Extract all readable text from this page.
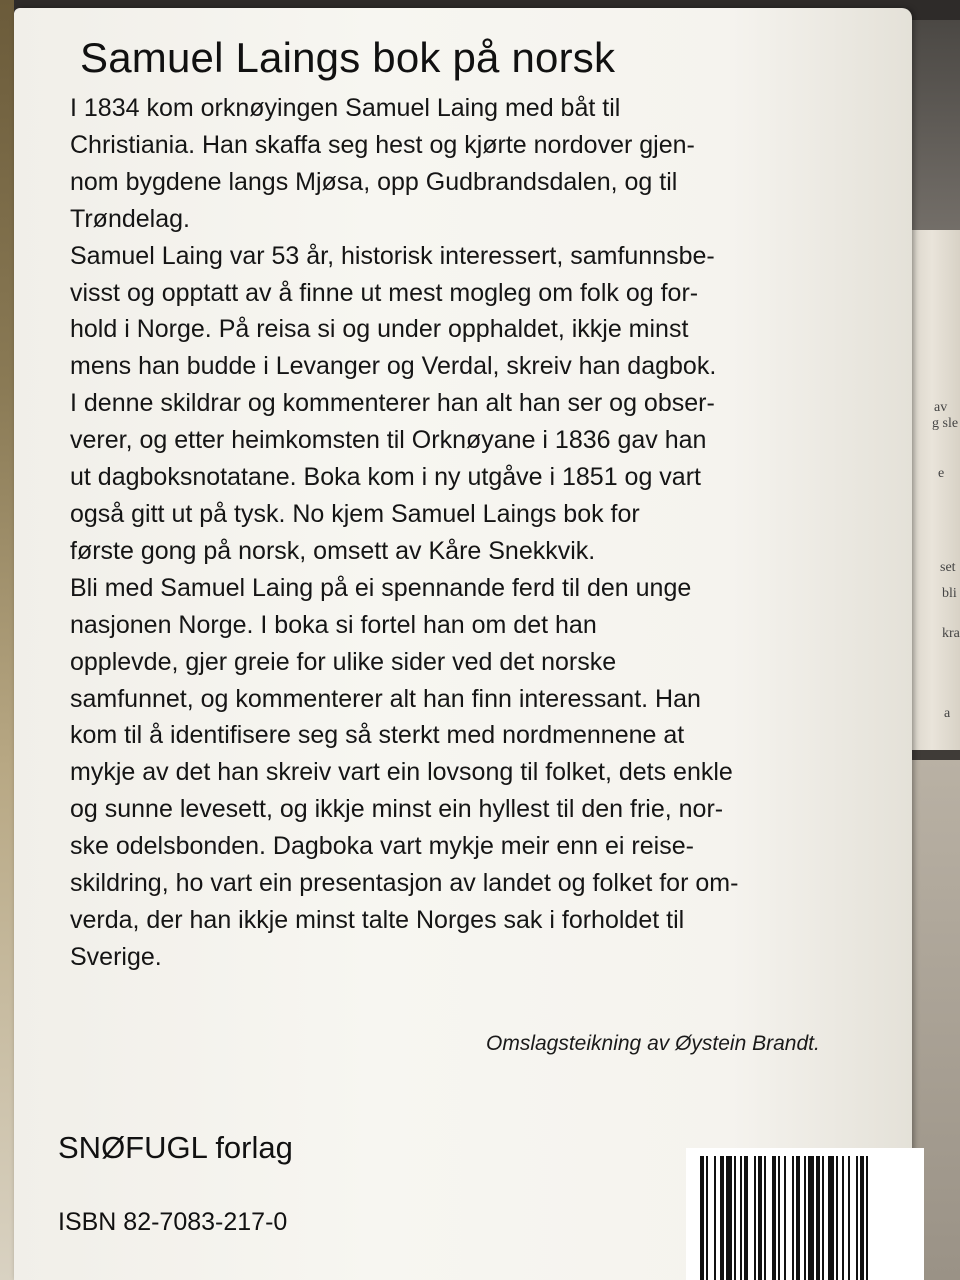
av
g sle
e
set
bli
kra
a
Samuel Laings bok på norsk
I 1834 kom orknøyingen Samuel Laing med båt til
Christiania. Han skaffa seg hest og kjørte nordover gjen-
nom bygdene langs Mjøsa, opp Gudbrandsdalen, og til
Trøndelag.
Samuel Laing var 53 år, historisk interessert, samfunnsbe-
visst og opptatt av å finne ut mest mogleg om folk og for-
hold i Norge. På reisa si og under opphaldet, ikkje minst
mens han budde i Levanger og Verdal, skreiv han dagbok.
I denne skildrar og kommenterer han alt han ser og obser-
verer, og etter heimkomsten til Orknøyane i 1836 gav han
ut dagboksnotatane. Boka kom i ny utgåve i 1851 og vart
også gitt ut på tysk. No kjem Samuel Laings bok for
første gong på norsk, omsett av Kåre Snekkvik.
Bli med Samuel Laing på ei spennande ferd til den unge
nasjonen Norge. I boka si fortel han om det han
opplevde, gjer greie for ulike sider ved det norske
samfunnet, og kommenterer alt han finn interessant. Han
kom til å identifisere seg så sterkt med nordmennene at
mykje av det han skreiv vart ein lovsong til folket, dets enkle
og sunne levesett, og ikkje minst ein hyllest til den frie, nor-
ske odelsbonden. Dagboka vart mykje meir enn ei reise-
skildring, ho vart ein presentasjon av landet og folket for om-
verda, der han ikkje minst talte Norges sak i forholdet til
Sverige.

Omslagsteikning av Øystein Brandt.

SNØFUGL forlag

ISBN 82-7083-217-0
